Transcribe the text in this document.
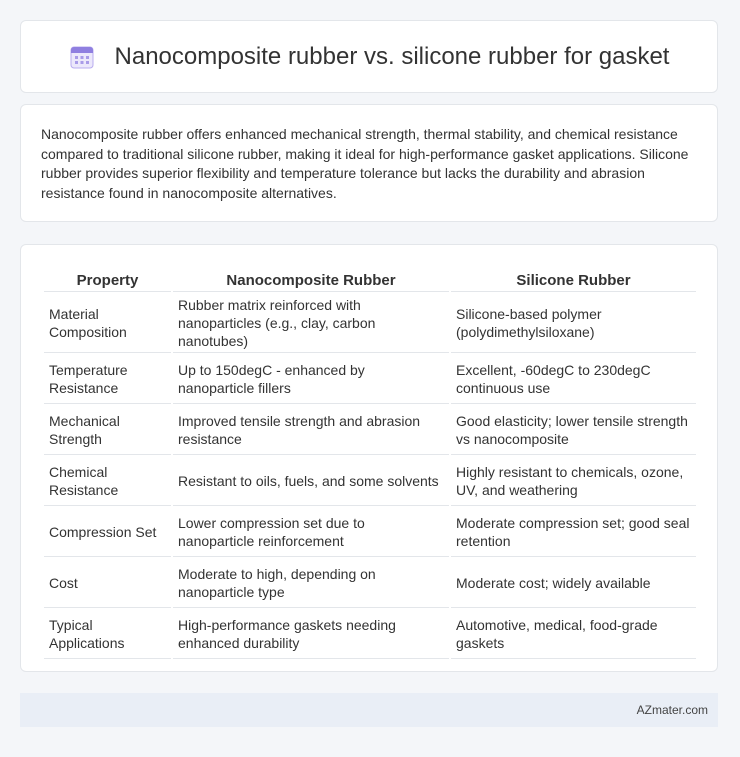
Nanocomposite rubber vs. silicone rubber for gasket

Nanocomposite rubber offers enhanced mechanical strength, thermal stability, and chemical resistance compared to traditional silicone rubber, making it ideal for high-performance gasket applications. Silicone rubber provides superior flexibility and temperature tolerance but lacks the durability and abrasion resistance found in nanocomposite alternatives.

Property	Nanocomposite Rubber	Silicone Rubber
Material Composition	Rubber matrix reinforced with nanoparticles (e.g., clay, carbon nanotubes)	Silicone-based polymer (polydimethylsiloxane)
Temperature Resistance	Up to 150degC - enhanced by nanoparticle fillers	Excellent, -60degC to 230degC continuous use
Mechanical Strength	Improved tensile strength and abrasion resistance	Good elasticity; lower tensile strength vs nanocomposite
Chemical Resistance	Resistant to oils, fuels, and some solvents	Highly resistant to chemicals, ozone, UV, and weathering
Compression Set	Lower compression set due to nanoparticle reinforcement	Moderate compression set; good seal retention
Cost	Moderate to high, depending on nanoparticle type	Moderate cost; widely available
Typical Applications	High-performance gaskets needing enhanced durability	Automotive, medical, food-grade gaskets
AZmater.com
